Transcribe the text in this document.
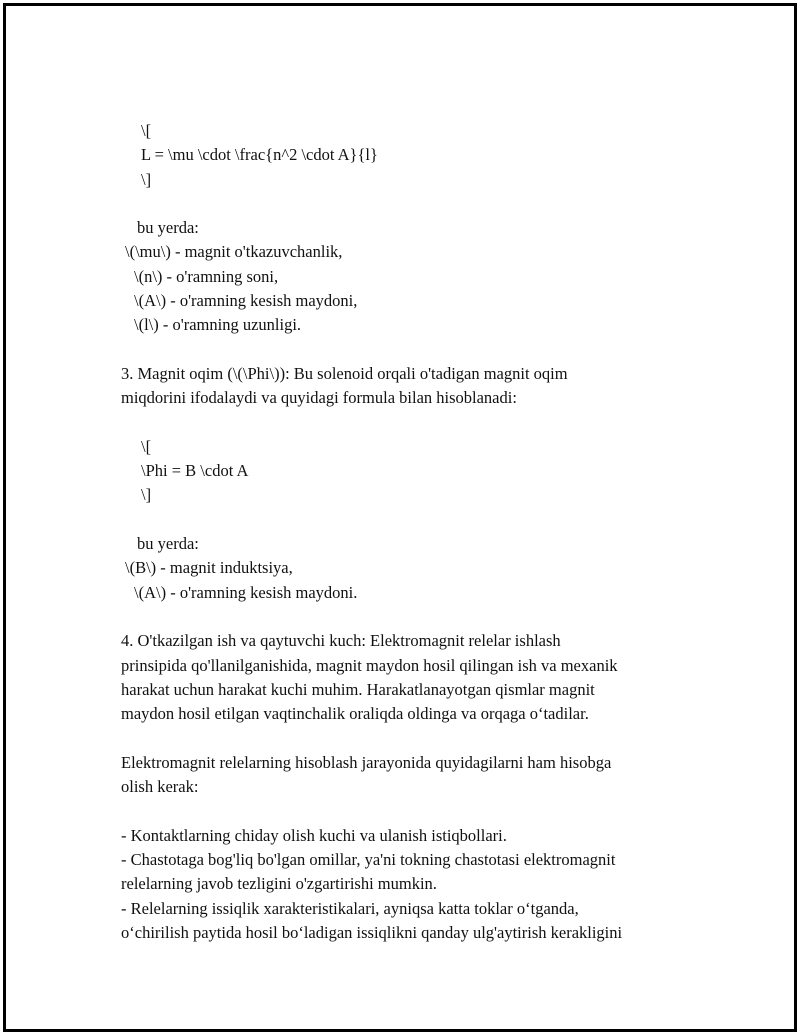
\[
L = \mu \cdot \frac{n^2 \cdot A}{l}
\]
bu yerda:
\(\mu\) - magnit o'tkazuvchanlik,
\(n\) - o'ramning soni,
\(A\) - o'ramning kesish maydoni,
\(l\) - o'ramning uzunligi.
3. Magnit oqim (\(\Phi\)): Bu solenoid orqali o'tadigan magnit oqim
miqdorini ifodalaydi va quyidagi formula bilan hisoblanadi:
\[
\Phi = B \cdot A
\]
bu yerda:
\(B\) - magnit induktsiya,
\(A\) - o'ramning kesish maydoni.
4. O'tkazilgan ish va qaytuvchi kuch: Elektromagnit relelar ishlash
prinsipida qo'llanilganishida, magnit maydon hosil qilingan ish va mexanik
harakat uchun harakat kuchi muhim. Harakatlanayotgan qismlar magnit
maydon hosil etilgan vaqtinchalik oraliqda oldinga va orqaga o‘tadilar.
Elektromagnit relelarning hisoblash jarayonida quyidagilarni ham hisobga
olish kerak:
- Kontaktlarning chiday olish kuchi va ulanish istiqbollari.
- Chastotaga bog'liq bo'lgan omillar, ya'ni tokning chastotasi elektromagnit
relelarning javob tezligini o'zgartirishi mumkin.
- Relelarning issiqlik xarakteristikalari, ayniqsa katta toklar o‘tganda,
o‘chirilish paytida hosil bo‘ladigan issiqlikni qanday ulg'aytirish kerakligini
